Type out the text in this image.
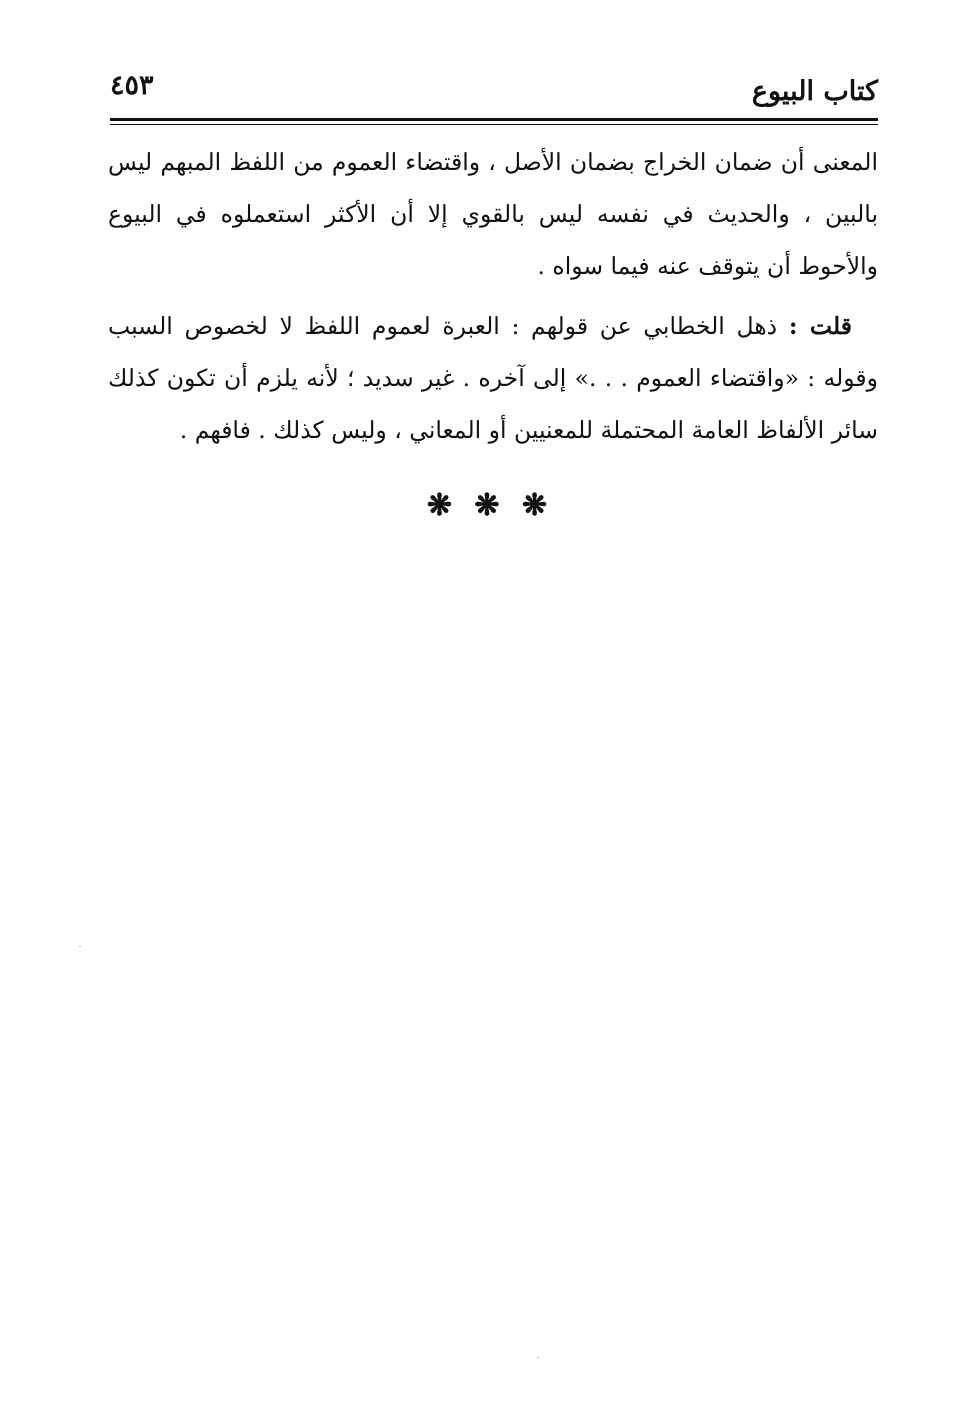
كتاب البيوع
٤٥٣

المعنى أن ضمان الخراج بضمان الأصل ، واقتضاء العموم من اللفظ المبهم ليس بالبين ، والحديث في نفسه ليس بالقوي إلا أن الأكثر استعملوه في البيوع والأحوط أن يتوقف عنه فيما سواه .

قلت : ذهل الخطابي عن قولهم : العبرة لعموم اللفظ لا لخصوص السبب وقوله : «واقتضاء العموم . . .» إلى آخره . غير سديد ؛ لأنه يلزم أن تكون كذلك سائر الألفاظ العامة المحتملة للمعنيين أو المعاني ، وليس كذلك . فافهم .

❋ ❋ ❋
